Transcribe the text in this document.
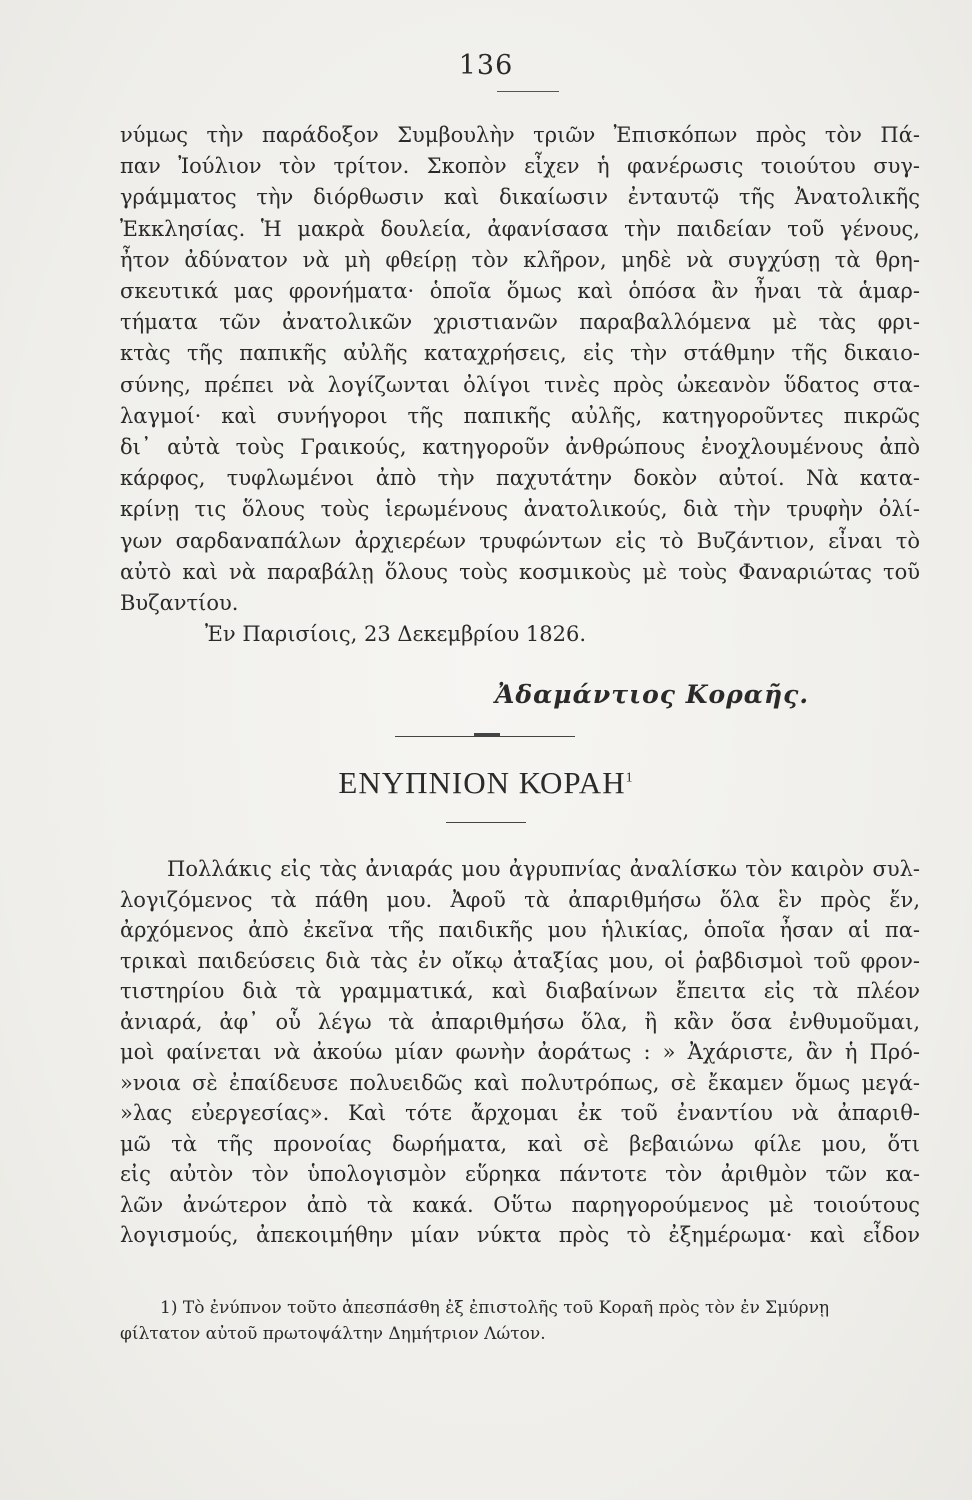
136
νύμως τὴν παράδοξον Συμβουλὴν τριῶν Ἐπισκόπων πρὸς τὸν Πά-
παν Ἰούλιον τὸν τρίτον. Σκοπὸν εἶχεν ἡ φανέρωσις τοιούτου συγ-
γράμματος τὴν διόρθωσιν καὶ δικαίωσιν ἐνταυτῷ τῆς Ἀνατολικῆς
Ἐκκλησίας. Ἡ μακρὰ δουλεία, ἀφανίσασα τὴν παιδείαν τοῦ γένους,
ἦτον ἀδύνατον νὰ μὴ φθείρῃ τὸν κλῆρον, μηδὲ νὰ συγχύσῃ τὰ θρη-
σκευτικά μας φρονήματα· ὁποῖα ὅμως καὶ ὁπόσα ἂν ἦναι τὰ ἁμαρ-
τήματα τῶν ἀνατολικῶν χριστιανῶν παραβαλλόμενα μὲ τὰς φρι-
κτὰς τῆς παπικῆς αὐλῆς καταχρήσεις, εἰς τὴν στάθμην τῆς δικαιο-
σύνης, πρέπει νὰ λογίζωνται ὀλίγοι τινὲς πρὸς ὠκεανὸν ὕδατος στα-
λαγμοί· καὶ συνήγοροι τῆς παπικῆς αὐλῆς, κατηγοροῦντες πικρῶς
δι᾽ αὐτὰ τοὺς Γραικούς, κατηγοροῦν ἀνθρώπους ἐνοχλουμένους ἀπὸ
κάρφος, τυφλωμένοι ἀπὸ τὴν παχυτάτην δοκὸν αὐτοί. Νὰ κατα-
κρίνῃ τις ὅλους τοὺς ἱερωμένους ἀνατολικούς, διὰ τὴν τρυφὴν ὀλί-
γων σαρδαναπάλων ἀρχιερέων τρυφώντων εἰς τὸ Βυζάντιον, εἶναι τὸ
αὐτὸ καὶ νὰ παραβάλῃ ὅλους τοὺς κοσμικοὺς μὲ τοὺς Φαναριώτας τοῦ
Βυζαντίου.
Ἐν Παρισίοις, 23 Δεκεμβρίου 1826.
Ἀδαμάντιος Κοραῆς.
ΕΝΥΠΝΙΟΝ ΚΟΡΑΗ$^1$
Πολλάκις εἰς τὰς ἀνιαράς μου ἀγρυπνίας ἀναλίσκω τὸν καιρὸν συλ-
λογιζόμενος τὰ πάθη μου. Ἀφοῦ τὰ ἀπαριθμήσω ὅλα ἓν πρὸς ἕν,
ἀρχόμενος ἀπὸ ἐκεῖνα τῆς παιδικῆς μου ἡλικίας, ὁποῖα ἦσαν αἱ πα-
τρικαὶ παιδεύσεις διὰ τὰς ἐν οἴκῳ ἀταξίας μου, οἱ ῥαβδισμοὶ τοῦ φρον-
τιστηρίου διὰ τὰ γραμματικά, καὶ διαβαίνων ἔπειτα εἰς τὰ πλέον
ἀνιαρά, ἀφ᾽ οὗ λέγω τὰ ἀπαριθμήσω ὅλα, ἢ κἂν ὅσα ἐνθυμοῦμαι,
μοὶ φαίνεται νὰ ἀκούω μίαν φωνὴν ἀοράτως : » Ἀχάριστε, ἂν ἡ Πρό-
»νοια σὲ ἐπαίδευσε πολυειδῶς καὶ πολυτρόπως, σὲ ἔκαμεν ὅμως μεγά-
»λας εὐεργεσίας». Καὶ τότε ἄρχομαι ἐκ τοῦ ἐναντίου νὰ ἀπαριθ-
μῶ τὰ τῆς προνοίας δωρήματα, καὶ σὲ βεβαιώνω φίλε μου, ὅτι
εἰς αὐτὸν τὸν ὑπολογισμὸν εὕρηκα πάντοτε τὸν ἀριθμὸν τῶν κα-
λῶν ἀνώτερον ἀπὸ τὰ κακά. Οὕτω παρηγορούμενος μὲ τοιούτους
λογισμούς, ἀπεκοιμήθην μίαν νύκτα πρὸς τὸ ἐξημέρωμα· καὶ εἶδον
1) Τὸ ἐνύπνον τοῦτο ἀπεσπάσθη ἐξ ἐπιστολῆς τοῦ Κοραῆ πρὸς τὸν ἐν Σμύρνῃ
φίλτατον αὐτοῦ πρωτοψάλτην Δημήτριον Λώτον.
